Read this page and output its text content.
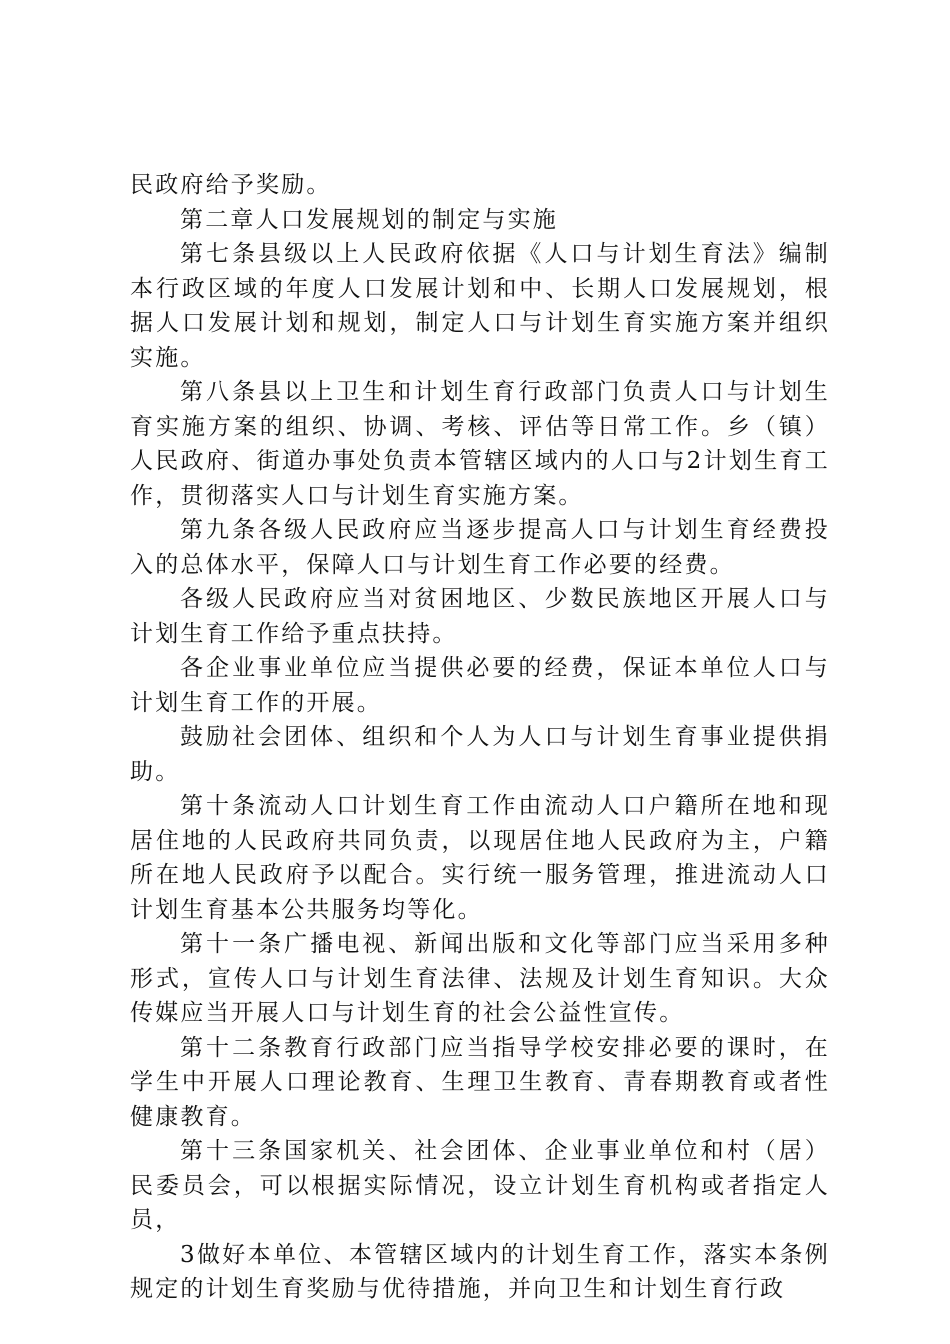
民政府给予奖励。

第二章人口发展规划的制定与实施

第七条县级以上人民政府依据《人口与计划生育法》编制本行政区域的年度人口发展计划和中、长期人口发展规划，根据人口发展计划和规划，制定人口与计划生育实施方案并组织实施。

第八条县以上卫生和计划生育行政部门负责人口与计划生育实施方案的组织、协调、考核、评估等日常工作。乡（镇）人民政府、街道办事处负责本管辖区域内的人口与2计划生育工作，贯彻落实人口与计划生育实施方案。

第九条各级人民政府应当逐步提高人口与计划生育经费投入的总体水平，保障人口与计划生育工作必要的经费。

各级人民政府应当对贫困地区、少数民族地区开展人口与计划生育工作给予重点扶持。

各企业事业单位应当提供必要的经费，保证本单位人口与计划生育工作的开展。

鼓励社会团体、组织和个人为人口与计划生育事业提供捐助。

第十条流动人口计划生育工作由流动人口户籍所在地和现居住地的人民政府共同负责，以现居住地人民政府为主，户籍所在地人民政府予以配合。实行统一服务管理，推进流动人口计划生育基本公共服务均等化。

第十一条广播电视、新闻出版和文化等部门应当采用多种形式，宣传人口与计划生育法律、法规及计划生育知识。大众传媒应当开展人口与计划生育的社会公益性宣传。

第十二条教育行政部门应当指导学校安排必要的课时，在学生中开展人口理论教育、生理卫生教育、青春期教育或者性健康教育。

第十三条国家机关、社会团体、企业事业单位和村（居）民委员会，可以根据实际情况，设立计划生育机构或者指定人员，

3做好本单位、本管辖区域内的计划生育工作，落实本条例规定的计划生育奖励与优待措施，并向卫生和计划生育行政
